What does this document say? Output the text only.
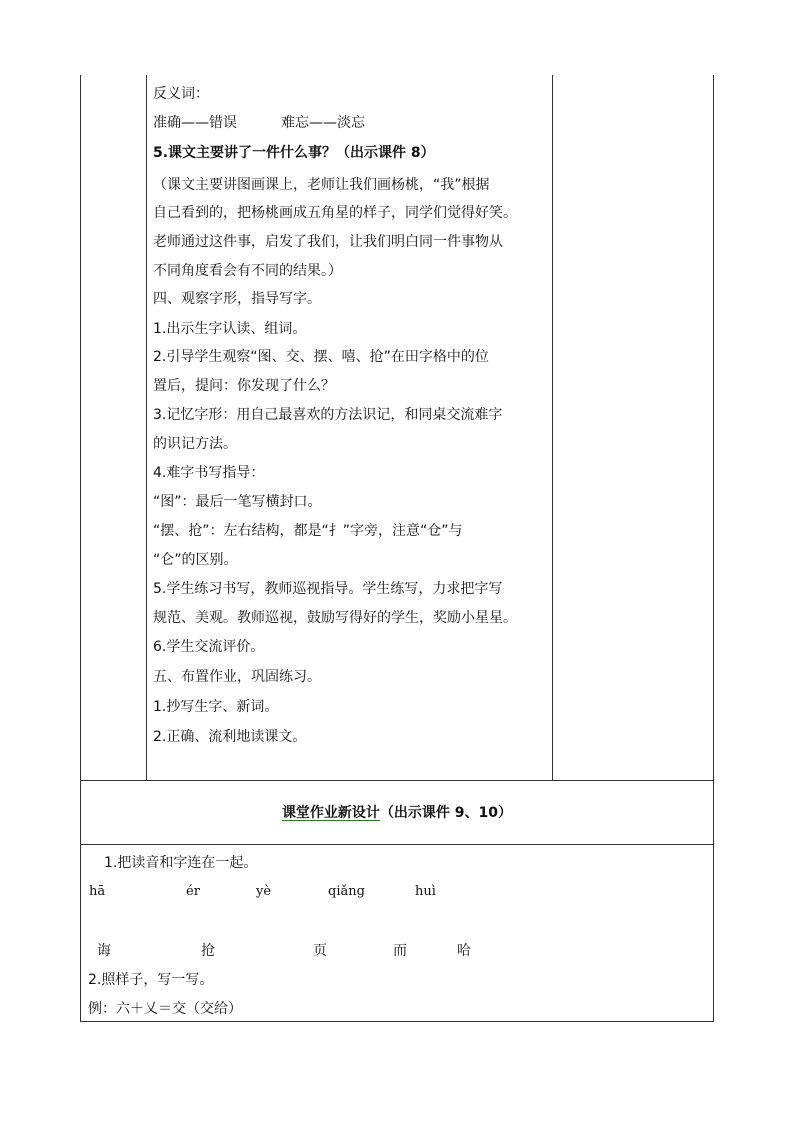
反义词：
准确——错误	难忘——淡忘
5.课文主要讲了一件什么事？（出示课件 8）
（课文主要讲图画课上，老师让我们画杨桃，“我”根据
自己看到的，把杨桃画成五角星的样子，同学们觉得好笑。
老师通过这件事，启发了我们，让我们明白同一件事物从
不同角度看会有不同的结果。）
四、观察字形，指导写字。
1.出示生字认读、组词。
2.引导学生观察“图、交、摆、嘻、抢”在田字格中的位
置后，提问：你发现了什么？
3.记忆字形：用自己最喜欢的方法识记，和同桌交流难字
的识记方法。
4.难字书写指导：
“图”：最后一笔写横封口。
“摆、抢”：左右结构，都是“扌”字旁，注意“仓”与
“仑”的区别。
5.学生练习书写，教师巡视指导。学生练写，力求把字写
规范、美观。教师巡视，鼓励写得好的学生，奖励小星星。
6.学生交流评价。
五、布置作业，巩固练习。
1.抄写生字、新词。
2.正确、流利地读课文。
课堂作业新设计（出示课件 9、10）
1.把读音和字连在一起。
hā	ér	yè	qiǎng	huì
诲	抢	页	而	哈
2.照样子，写一写。
例：六＋乂＝交（交给）
